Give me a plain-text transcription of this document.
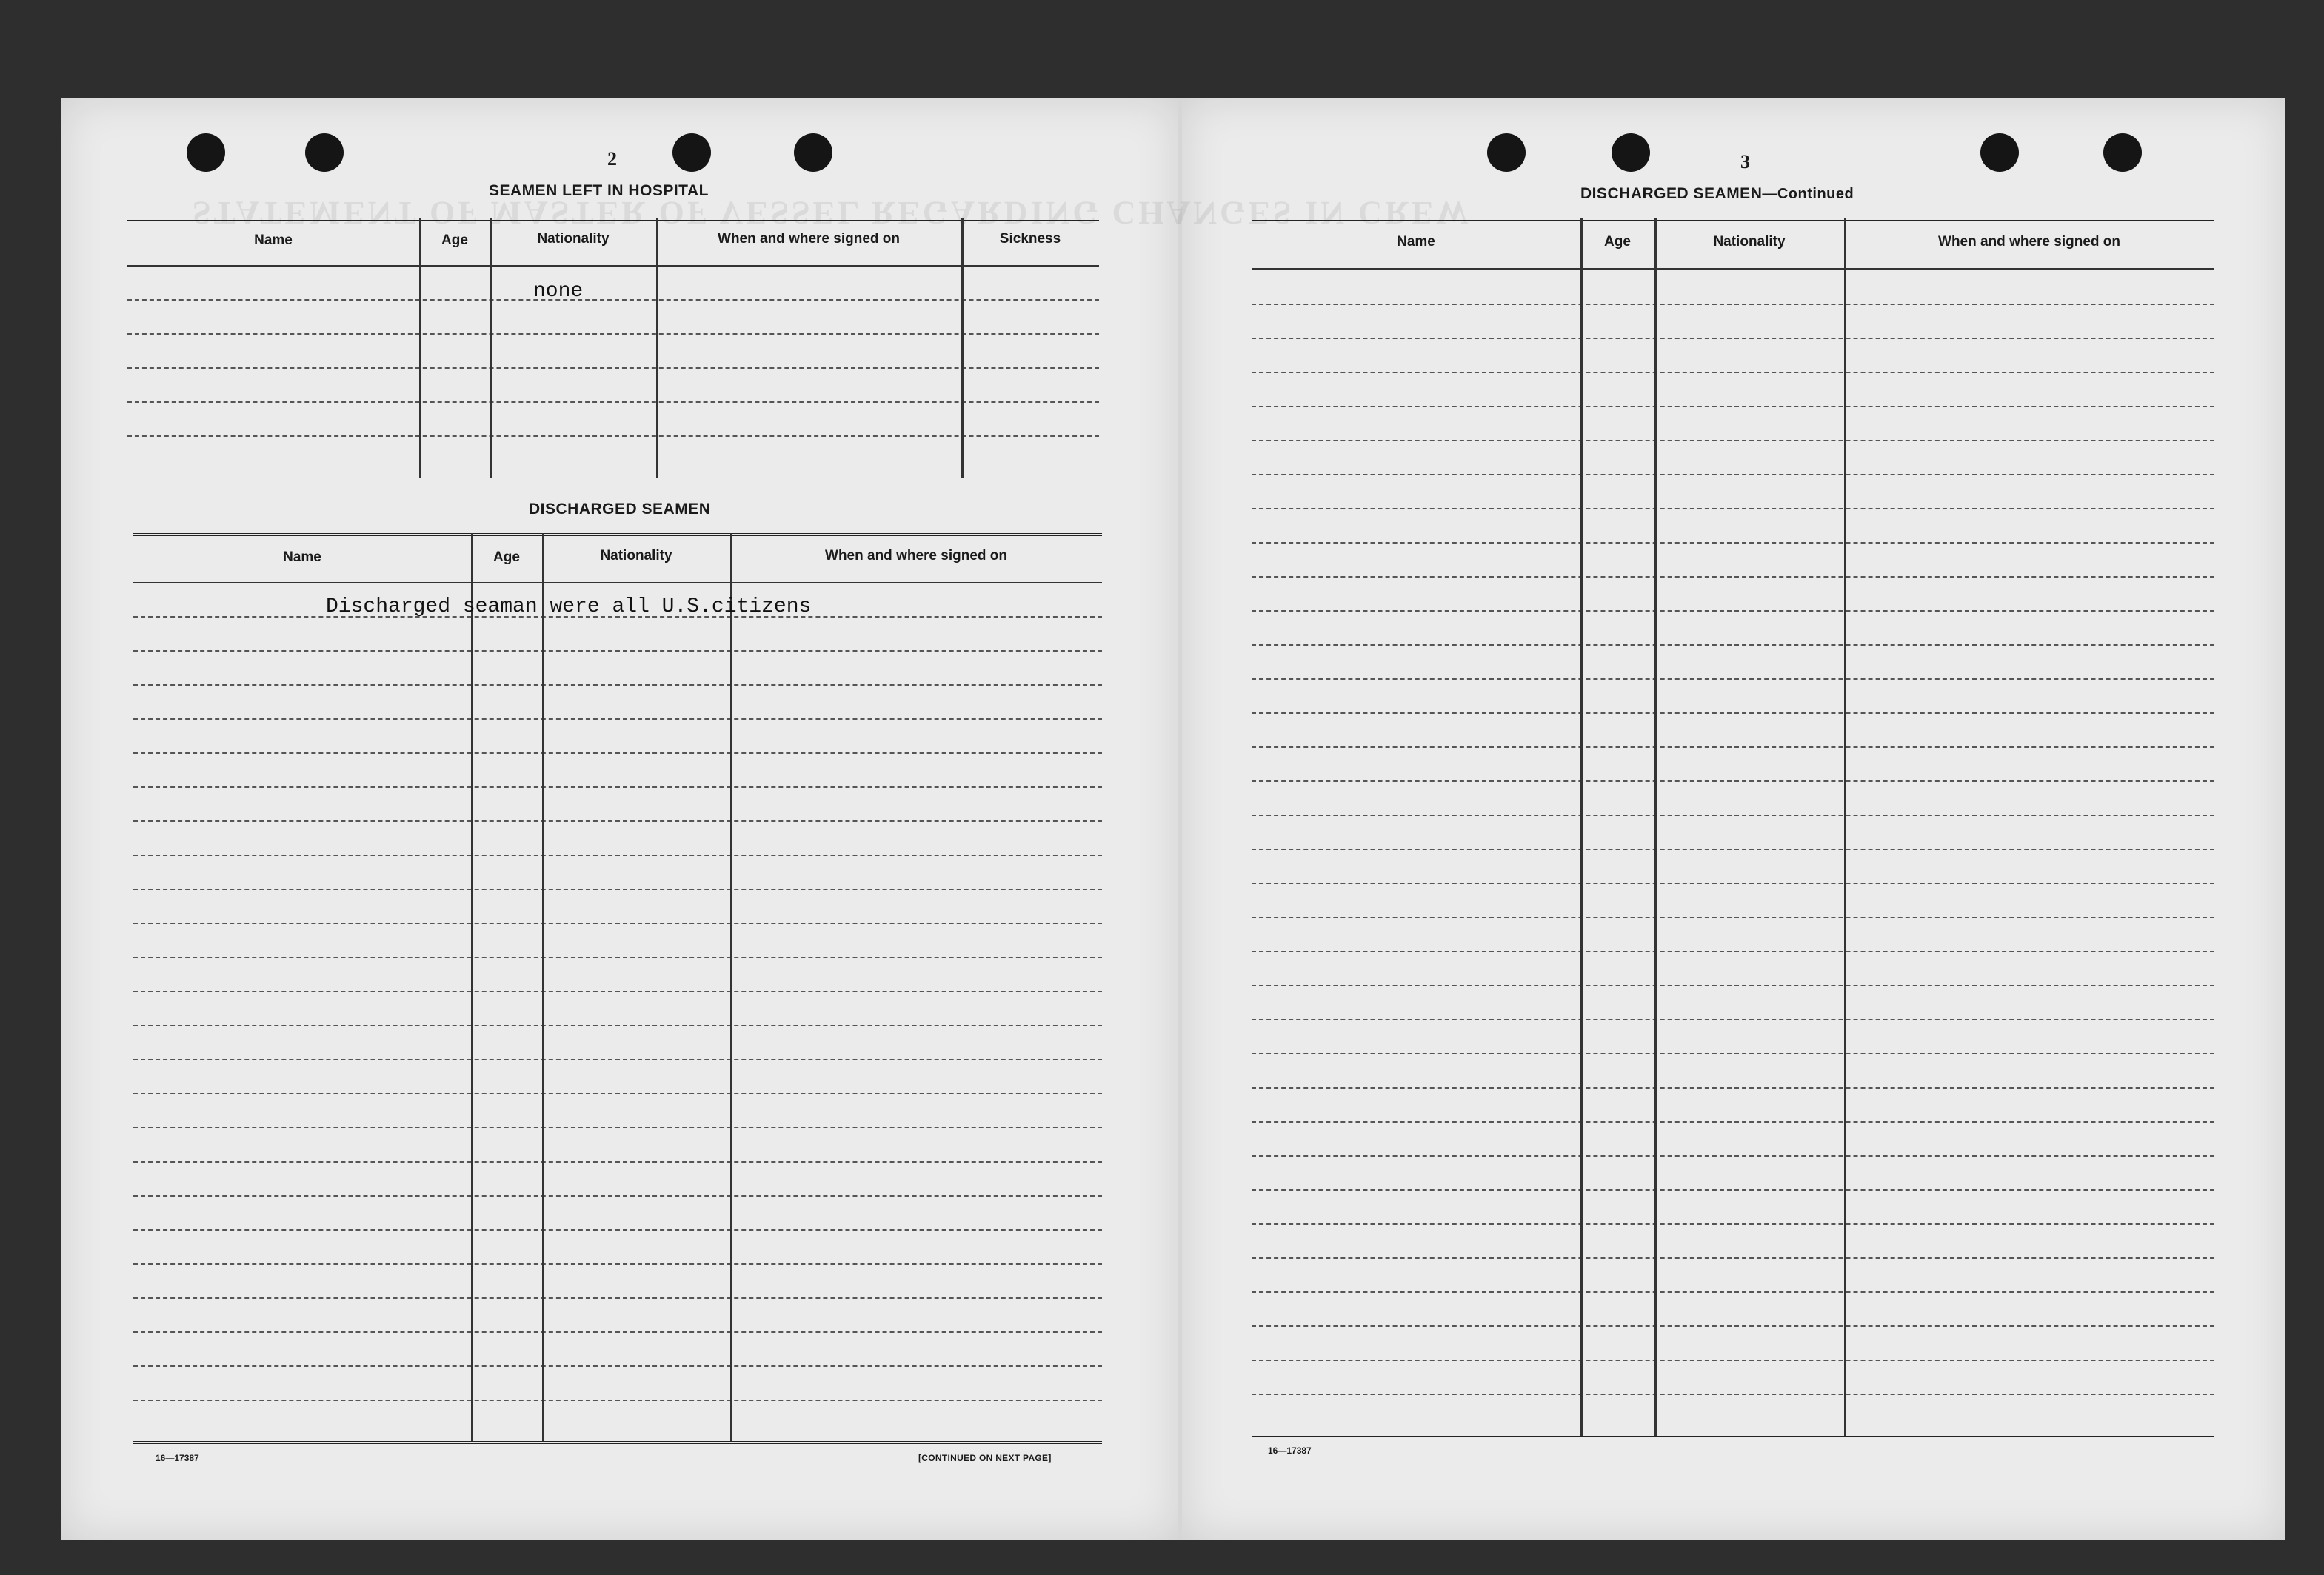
STATEMENT OF MASTER OF VESSEL REGARDING CHANGES IN CREW
2
SEAMEN LEFT IN HOSPITAL
Name	Age	Nationality	When and where signed on	Sickness
none
DISCHARGED SEAMEN
Name	Age	Nationality	When and where signed on
Discharged seaman were all U.S.citizens
16—17387	[CONTINUED ON NEXT PAGE]
3
DISCHARGED SEAMEN—Continued
Name	Age	Nationality	When and where signed on
16—17387
